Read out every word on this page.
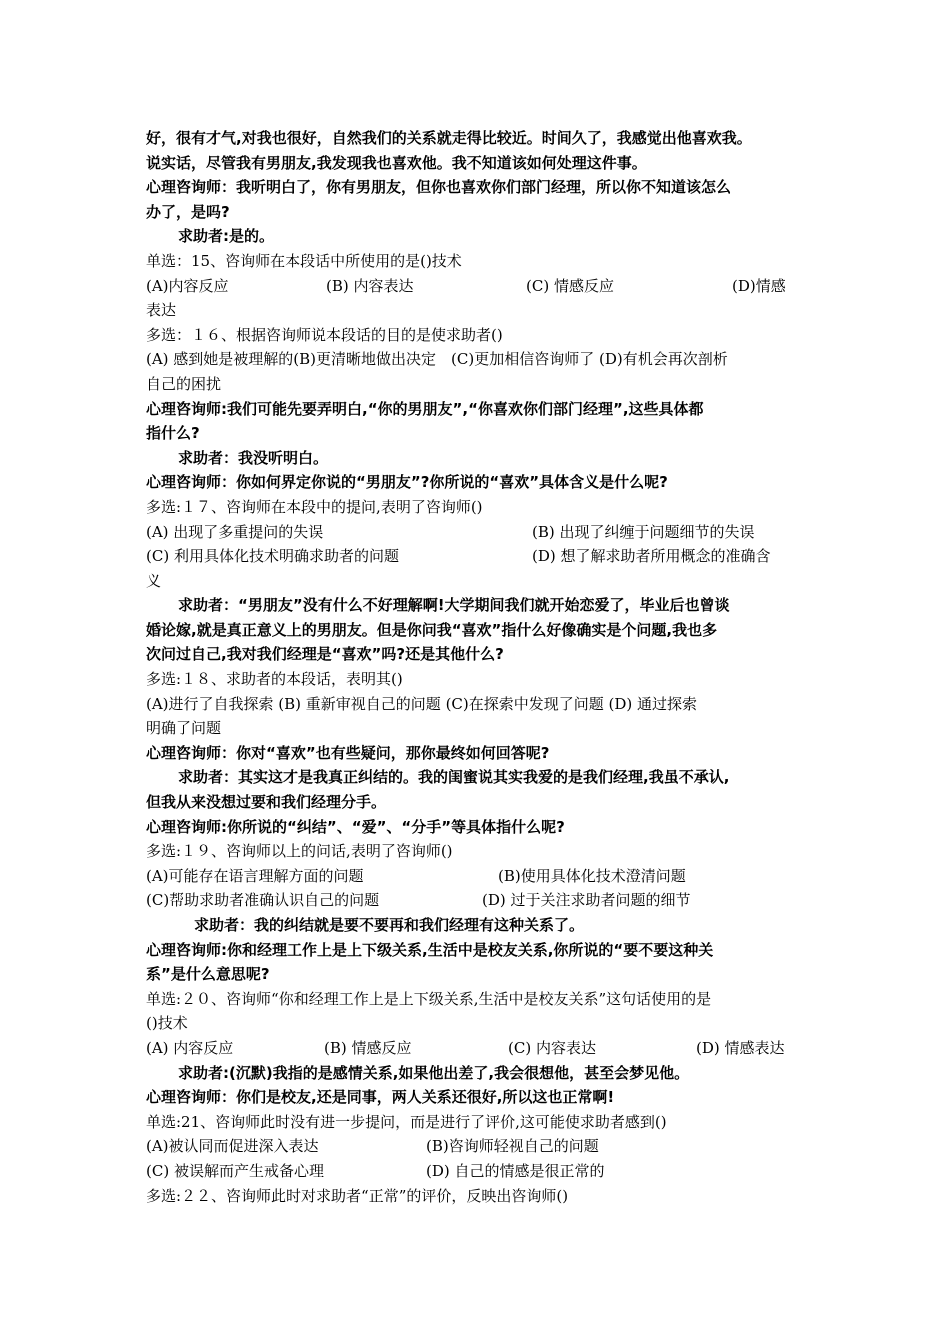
好，很有才气,对我也很好，自然我们的关系就走得比较近。时间久了，我感觉出他喜欢我。
说实话，尽管我有男朋友,我发现我也喜欢他。我不知道该如何处理这件事。
心理咨询师：我听明白了，你有男朋友，但你也喜欢你们部门经理，所以你不知道该怎么
办了，是吗?
求助者:是的。
单选：15、咨询师在本段话中所使用的是()技术
(A)内容反应	(B) 内容表达	(C) 情感反应	(D)情感
表达
多选：１６、根据咨询师说本段话的目的是使求助者()
(A) 感到她是被理解的(B)更清晰地做出决定　(C)更加相信咨询师了 (D)有机会再次剖析
自己的困扰
心理咨询师:我们可能先要弄明白,“你的男朋友”,“你喜欢你们部门经理”,这些具体都
指什么?
求助者：我没听明白。
心理咨询师：你如何界定你说的“男朋友”?你所说的“喜欢”具体含义是什么呢?
多选:１７、咨询师在本段中的提问,表明了咨询师()
(A) 出现了多重提问的失误	(B) 出现了纠缠于问题细节的失误
(C) 利用具体化技术明确求助者的问题	(D) 想了解求助者所用概念的准确含
义
求助者：“男朋友”没有什么不好理解啊!大学期间我们就开始恋爱了，毕业后也曾谈
婚论嫁,就是真正意义上的男朋友。但是你问我“喜欢”指什么好像确实是个问题,我也多
次问过自己,我对我们经理是“喜欢”吗?还是其他什么?
多选:１８、求助者的本段话，表明其()
(A)进行了自我探索 (B) 重新审视自己的问题 (C)在探索中发现了问题 (D) 通过探索
明确了问题
心理咨询师：你对“喜欢”也有些疑问，那你最终如何回答呢?
求助者：其实这才是我真正纠结的。我的闺蜜说其实我爱的是我们经理,我虽不承认,
但我从来没想过要和我们经理分手。
心理咨询师:你所说的“纠结”、“爱”、“分手”等具体指什么呢?
多选:１９、咨询师以上的问话,表明了咨询师()
(A)可能存在语言理解方面的问题	(B)使用具体化技术澄清问题
(C)帮助求助者准确认识自己的问题	(D) 过于关注求助者问题的细节
求助者：我的纠结就是要不要再和我们经理有这种关系了。
心理咨询师:你和经理工作上是上下级关系,生活中是校友关系,你所说的“要不要这种关
系”是什么意思呢?
单选:２０、咨询师“你和经理工作上是上下级关系,生活中是校友关系”这句话使用的是
()技术
(A) 内容反应	(B) 情感反应	(C) 内容表达	(D) 情感表达
求助者:(沉默)我指的是感情关系,如果他出差了,我会很想他，甚至会梦见他。
心理咨询师：你们是校友,还是同事，两人关系还很好,所以这也正常啊!
单选:21、咨询师此时没有进一步提问，而是进行了评价,这可能使求助者感到()
(A)被认同而促进深入表达	(B)咨询师轻视自己的问题
(C) 被误解而产生戒备心理	(D) 自己的情感是很正常的
多选:２２、咨询师此时对求助者“正常”的评价，反映出咨询师()
